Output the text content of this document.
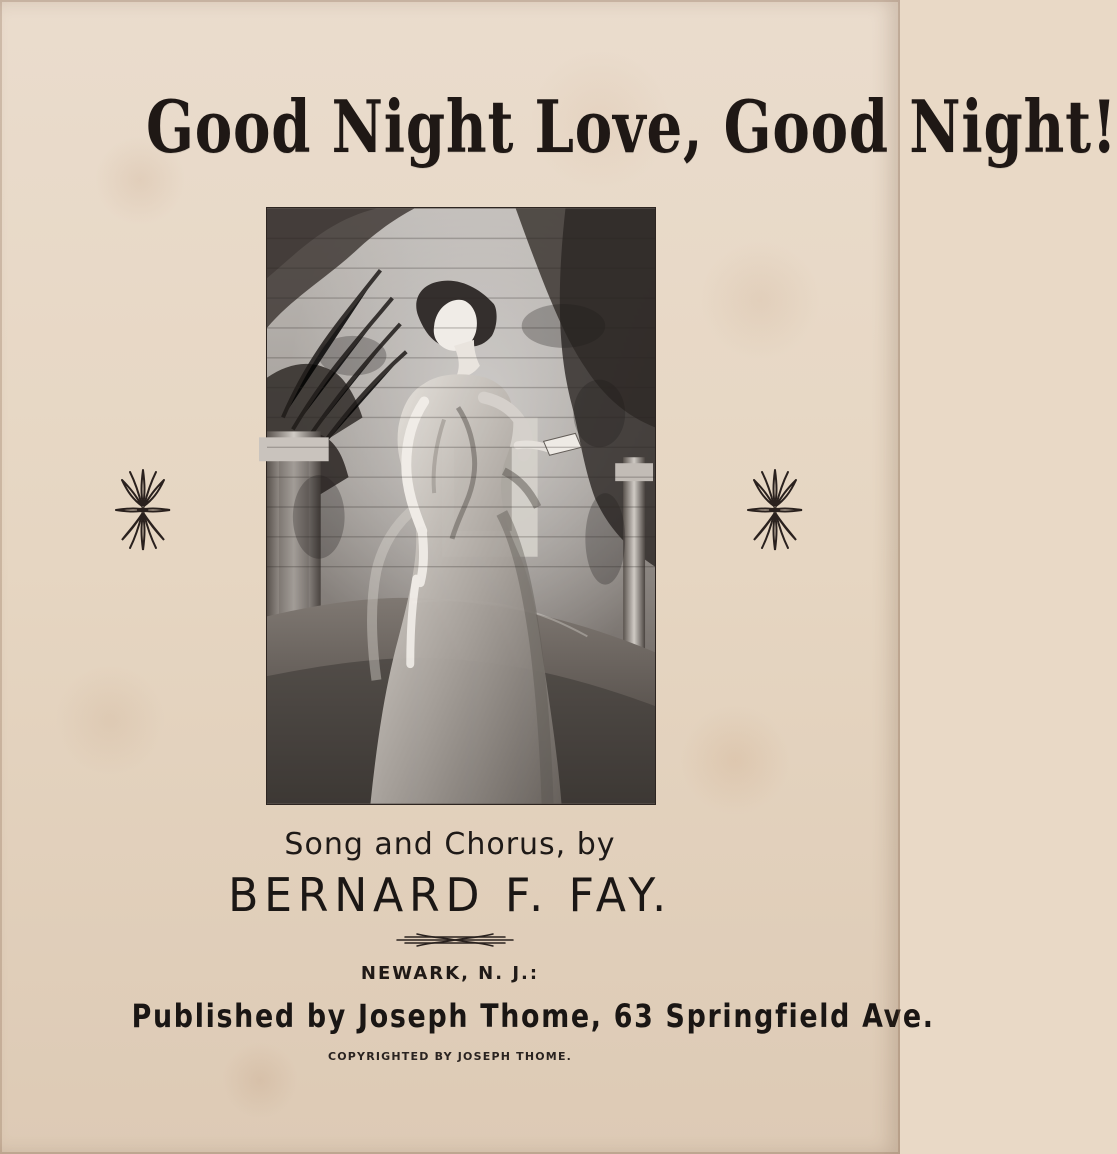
Good Night Love, Good Night!
Song and Chorus, by
BERNARD F. FAY.
NEWARK, N. J.:
Published by Joseph Thome, 63 Springfield Ave.
COPYRIGHTED BY JOSEPH THOME.
